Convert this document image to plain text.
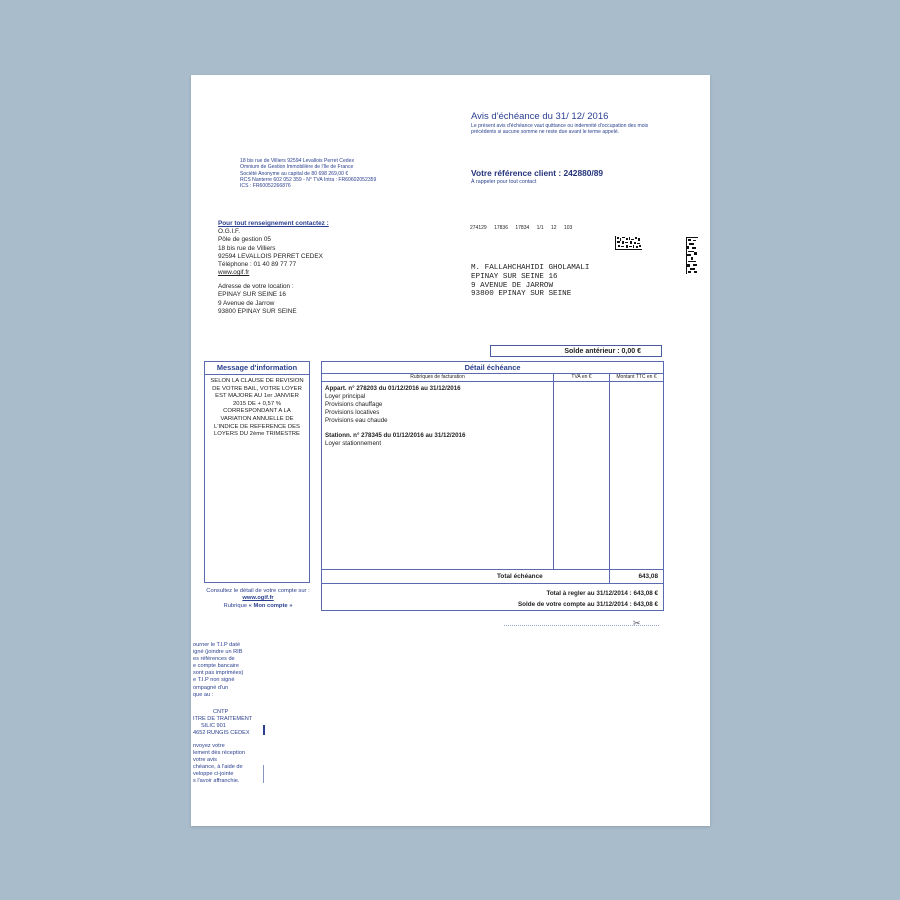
Avis d'échéance du 31/ 12/ 2016
Le présent avis d'échéance vaut quittance ou indemnité d'occupation des mois précédents si aucune somme ne reste due avant le terme appelé.
Votre référence client : 242880/89
À rappeler pour tout contact
18 bis rue de Villiers 92594 Levallois Perret Cedex
Omnium de Gestion Immobilière de l'Ile de France
Société Anonyme au capital de 80 698 269,00 €
RCS Nanterre 602 052 359 - N° TVA Intra : FR60602052359
ICS : FR60052266876
Pour tout renseignement contactez :
O.G.I.F.
Pôle de gestion 05
18 bis rue de Villiers
92594 LEVALLOIS PERRET CEDEX
Téléphone : 01 40 89 77 77
www.ogif.fr
Adresse de votre location :
EPINAY SUR SEINE 16
9 Avenue de Jarrow
93800 EPINAY SUR SEINE
274129 17836 17834 1/1 12 103
M. FALLAHCHAHIDI GHOLAMALI
EPINAY SUR SEINE 16
9 AVENUE DE JARROW
93800 EPINAY SUR SEINE
Solde antérieur : 0,00 €
Message d'information
SELON LA CLAUSE DE REVISION
DE VOTRE BAIL, VOTRE LOYER
EST MAJORE AU 1er JANVIER
2015 DE + 0,57 %
CORRESPONDANT A LA
VARIATION ANNUELLE DE
L'INDICE DE REFERENCE DES
LOYERS DU 2ème TRIMESTRE
Consultez le détail de votre compte sur :
www.ogif.fr
Rubrique « Mon compte »
Détail échéance
Rubriques de facturation	TVA en €	Montant TTC en €
Appart. n° 278203 du 01/12/2016 au 31/12/2016
Loyer principal
Provisions chauffage
Provisions locatives
Provisions eau chaude
Stationn. n° 278345 du 01/12/2016 au 31/12/2016
Loyer stationnement
Total échéance	643,08
Total à regler au 31/12/2014 : 643,08 €
Solde de votre compte au 31/12/2014 : 643,08 €
✂
ourner le T.I.P daté
igné (joindre un RIB
es références de
e compte bancaire
sont pas imprimées)
e T.I.P non signé
ompagné d'un
que au :
CNTP
ITRE DE TRAITEMENT
SILIC 901
4652 RUNGIS CEDEX
nvoyez votre
lement dès réception
votre avis
chéance, à l'aide de
veloppe ci-jointe
s l'avoir affranchie.
